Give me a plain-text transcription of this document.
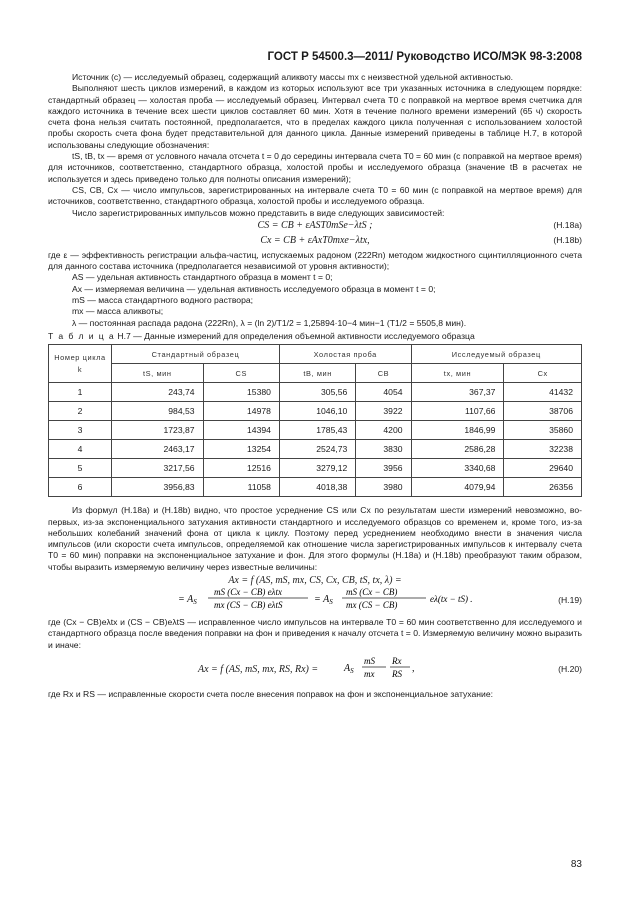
ГОСТ Р 54500.3—2011/ Руководство ИСО/МЭК 98-3:2008

Источник (c) — исследуемый образец, содержащий аликвоту массы mx с неизвестной удельной активностью.

Выполняют шесть циклов измерений, в каждом из которых используют все три указанных источника в следующем порядке: стандартный образец — холостая проба — исследуемый образец. Интервал счета T0 с поправкой на мертвое время счетчика для каждого источника в течение всех шести циклов составляет 60 мин. Хотя в течение полного времени измерений (65 ч) скорость счета фона нельзя считать постоянной, предполагается, что в пределах каждого цикла полученная с использованием холостой пробы скорость счета фона будет представительной для данного цикла. Данные измерений приведены в таблице Н.7, в которой использованы следующие обозначения:

tS, tB, tx — время от условного начала отсчета t = 0 до середины интервала счета T0 = 60 мин (с поправкой на мертвое время) для источников, соответственно, стандартного образца, холостой пробы и исследуемого образца (значение tB в расчетах не используется и здесь приведено только для полноты описания измерений);

CS, CB, Cx — число импульсов, зарегистрированных на интервале счета T0 = 60 мин (с поправкой на мертвое время) для источников, соответственно, стандартного образца, холостой пробы и исследуемого образца.

Число зарегистрированных импульсов можно представить в виде следующих зависимостей:

CS = CB + εAST0mSe−λtS ;	(Н.18а)
Cx = CB + εAxT0mxe−λtx,	(Н.18b)

где ε — эффективность регистрации альфа-частиц, испускаемых радоном (222Rn) методом жидкостного сцинтилляционного счета для данного состава источника (предполагается независимой от уровня активности);

AS — удельная активность стандартного образца в момент t = 0;

Ax — измеряемая величина — удельная активность исследуемого образца в момент t = 0;

mS — масса стандартного водного раствора;

mx — масса аликвоты;

λ — постоянная распада радона (222Rn), λ = (ln 2)/T1/2 = 1,25894·10−4 мин−1 (T1/2 = 5505,8 мин).

Т а б л и ц а Н.7 — Данные измерений для определения объемной активности исследуемого образца
Номер цикла k	Стандартный образец		Холостая проба		Исследуемый образец	
	tS, мин	CS	tB, мин	CB	tx, мин	Cx
1	243,74	15380	305,56	4054	367,37	41432
2	984,53	14978	1046,10	3922	1107,66	38706
3	1723,87	14394	1785,43	4200	1846,99	35860
4	2463,17	13254	2524,73	3830	2586,28	32238
5	3217,56	12516	3279,12	3956	3340,68	29640
6	3956,83	11058	4018,38	3980	4079,94	26356

Из формул (Н.18а) и (Н.18b) видно, что простое усреднение CS или Cx по результатам шести измерений невозможно, во-первых, из-за экспоненциального затухания активности стандартного и исследуемого образцов со временем и, кроме того, из-за небольших колебаний значений фона от цикла к циклу. Поэтому перед усреднением необходимо внести в значения числа импульсов (или скорости счета импульсов, определяемой как отношение числа зарегистрированных импульсов к интервалу счета T0 = 60 мин) поправки на экспоненциальное затухание и фон. Для этого формулы (Н.18а) и (Н.18b) преобразуют таким образом, чтобы выразить измеряемую величину через известные величины:

Ax = f (AS, mS, mx, CS, Cx, CB, tS, tx, λ) =
(Н.19)
= $A_S$
mS (Cx − CB) eλtx
mx (CS − CB) eλtS	= $A_S$
mS (Cx − CB)
mx (CS − CB)
eλ(tx − tS) .

где (Cx − CB)eλtx и (CS − CB)eλtS — исправленное число импульсов на интервале T0 = 60 мин соответственно для исследуемого и стандартного образца после введения поправки на фон и приведения к началу отсчета t = 0. Измеряемую величину можно выразить и иначе:

Ax = f (AS, mS, mx, RS, Rx) =	$A_S$
mS
mx
Rx
RS ,	(Н.20)

где Rx и RS — исправленные скорости счета после внесения поправок на фон и экспоненциальное затухание:

83
